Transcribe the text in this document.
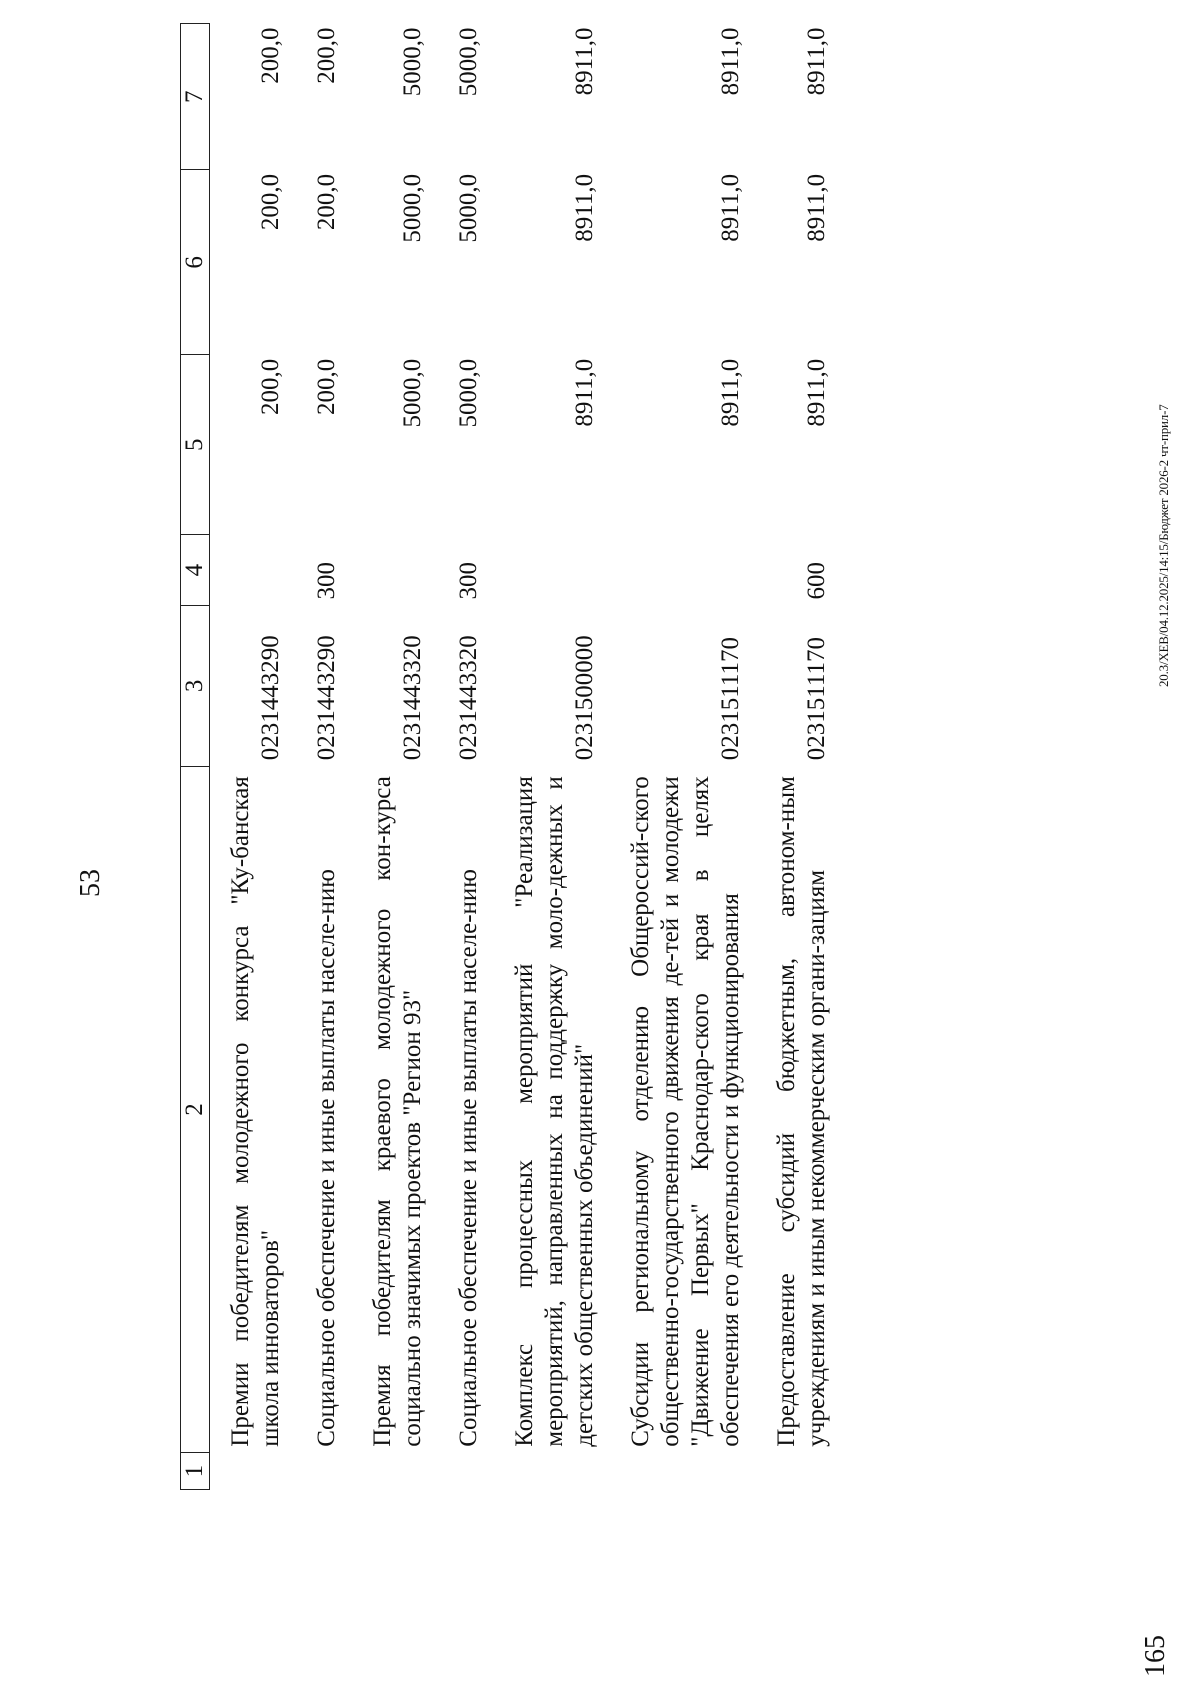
53
1	2	3	4	5	6	7
	Премии победителям молодежного конкурса "Ку-банская школа инноваторов"	0231443290		200,0	200,0	200,0
	Социальное обеспечение и иные выплаты населе-нию	0231443290	300	200,0	200,0	200,0
	Премия победителям краевого молодежного кон-курса социально значимых проектов "Регион 93"	0231443320		5000,0	5000,0	5000,0
	Социальное обеспечение и иные выплаты населе-нию	0231443320	300	5000,0	5000,0	5000,0
	Комплекс процессных мероприятий "Реализация мероприятий, направленных на поддержку моло-дежных и детских общественных объединений"	0231500000		8911,0	8911,0	8911,0
	Субсидии региональному отделению Общероссий-ского общественно-государственного движения де-тей и молодежи "Движение Первых" Краснодар-ского края в целях обеспечения его деятельности и функционирования	0231511170		8911,0	8911,0	8911,0
	Предоставление субсидий бюджетным, автоном-ным учреждениям и иным некоммерческим органи-зациям	0231511170	600	8911,0	8911,0	8911,0
165
20.3/ХЕВ/04.12.2025/14:15/Бюджет 2026-2 чт-прил-7
